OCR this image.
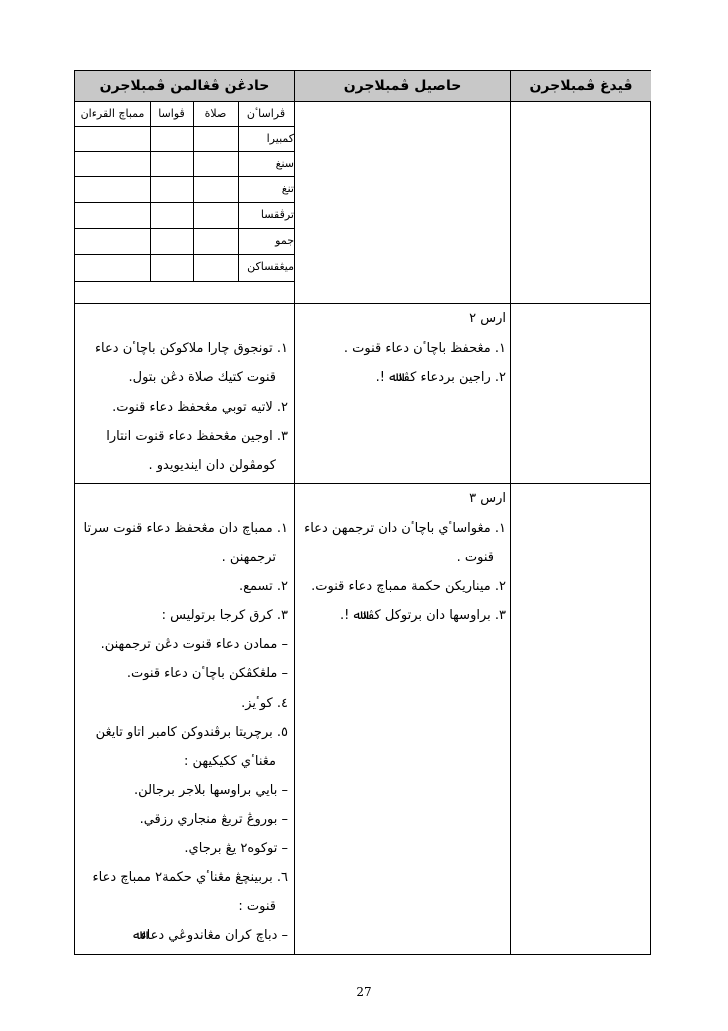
ڤيدغ ڤمبلاجرن
حاصيل ڤمبلاجرن
حادڠن ڤڠالمن ڤمبلاجرن
ڤراساٴن
صلاة
ڤواسا
ممباچ القرءان
كمبيرا
سنغ
تنغ
ترڤقسا
جمو
ميڠقساكن
ارس ٢
١. مڠحفظ باچاٴن دعاء قنوت .
٢. راجين بردعاء كڤدﷲ !.
١. تونجوق چارا ملاكوكن باچاٴن دعاء
قنوت كتيك صلاة دڠن بتول.
٢. لاتيه توبي مڠحفظ دعاء قنوت.
٣. اوجين مڠحفظ دعاء قنوت انتارا
كومڤولن دان اينديويدو .
ارس ٣
١. مڠواساٴي باچاٴن دان ترجمهن دعاء
قنوت .
٢. ميناريكن حكمة ممباچ دعاء قنوت.
٣. براوسها دان برتوكل كڤدﷲ !.
١. ممباچ دان مڠحفظ دعاء قنوت سرتا
ترجمهنن .
٢. تسمع.
٣. كرق كرجا برتوليس :
– ممادن دعاء قنوت دڠن ترجمهنن.
– ملڠكڤكن باچاٴن دعاء قنوت.
٤. كوٴيز.
٥. برچريتا برڤندوكن كامبر اتاو تايڠن
مڠناٴي ككيكيهن :
– بايي براوسها بلاجر برجالن.
– بوروڠ تربڠ منجاري رزقي.
– توكوه٢ يڠ برجاي.
٦. بربينچڠ مڠناٴي حكمة٢ ممباچ دعاء
قنوت :
– دباچ كران مڠاندوڠي دعاءﷲ
27
